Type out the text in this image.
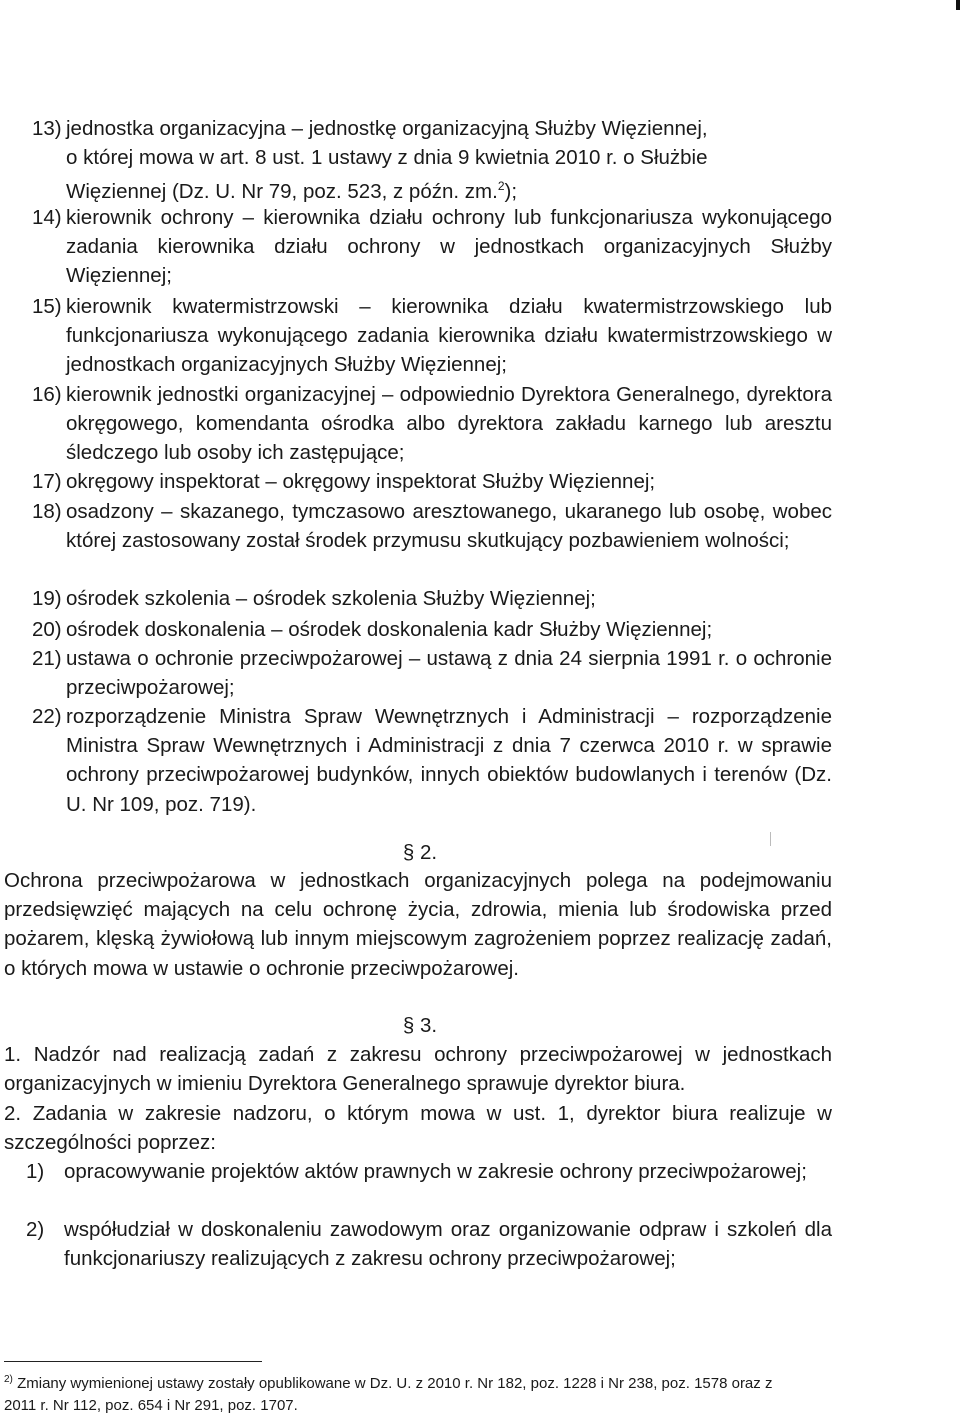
13) jednostka organizacyjna – jednostkę organizacyjną Służby Więziennej,
o której mowa w art. 8 ust. 1 ustawy z dnia 9 kwietnia 2010 r. o Służbie
Więziennej (Dz. U. Nr 79, poz. 523, z późn. zm.$^2$);
14) kierownik ochrony – kierownika działu ochrony lub funkcjonariusza wykonującego zadania kierownika działu ochrony w jednostkach organizacyjnych Służby Więziennej;
15) kierownik kwatermistrzowski – kierownika działu kwatermistrzowskiego lub funkcjonariusza wykonującego zadania kierownika działu kwatermistrzowskiego w jednostkach organizacyjnych Służby Więziennej;
16) kierownik jednostki organizacyjnej – odpowiednio Dyrektora Generalnego, dyrektora okręgowego, komendanta ośrodka albo dyrektora zakładu karnego lub aresztu śledczego lub osoby ich zastępujące;
17) okręgowy inspektorat – okręgowy inspektorat Służby Więziennej;
18) osadzony – skazanego, tymczasowo aresztowanego, ukaranego lub osobę, wobec której zastosowany został środek przymusu skutkujący pozbawieniem wolności;
19) ośrodek szkolenia – ośrodek szkolenia Służby Więziennej;
20) ośrodek doskonalenia – ośrodek doskonalenia kadr Służby Więziennej;
21) ustawa o ochronie przeciwpożarowej – ustawą z dnia 24 sierpnia 1991 r. o ochronie przeciwpożarowej;
22) rozporządzenie Ministra Spraw Wewnętrznych i Administracji – rozporządzenie Ministra Spraw Wewnętrznych i Administracji z dnia 7 czerwca 2010 r. w sprawie ochrony przeciwpożarowej budynków, innych obiektów budowlanych i terenów (Dz. U. Nr 109, poz. 719).
§ 2.
Ochrona przeciwpożarowa w jednostkach organizacyjnych polega na podejmowaniu przedsięwzięć mających na celu ochronę życia, zdrowia, mienia lub środowiska przed pożarem, klęską żywiołową lub innym miejscowym zagrożeniem poprzez realizację zadań, o których mowa w ustawie o ochronie przeciwpożarowej.
§ 3.
1. Nadzór nad realizacją zadań z zakresu ochrony przeciwpożarowej w jednostkach organizacyjnych w imieniu Dyrektora Generalnego sprawuje dyrektor biura.
2. Zadania w zakresie nadzoru, o którym mowa w ust. 1, dyrektor biura realizuje w szczególności poprzez:
1) opracowywanie projektów aktów prawnych w zakresie ochrony przeciwpożarowej;
2) współudział w doskonaleniu zawodowym oraz organizowanie odpraw i szkoleń dla funkcjonariuszy realizujących z zakresu ochrony przeciwpożarowej;
$^{2)}$ Zmiany wymienionej ustawy zostały opublikowane w Dz. U. z 2010 r. Nr 182, poz. 1228 i Nr 238, poz. 1578 oraz z 2011 r. Nr 112, poz. 654 i Nr 291, poz. 1707.
